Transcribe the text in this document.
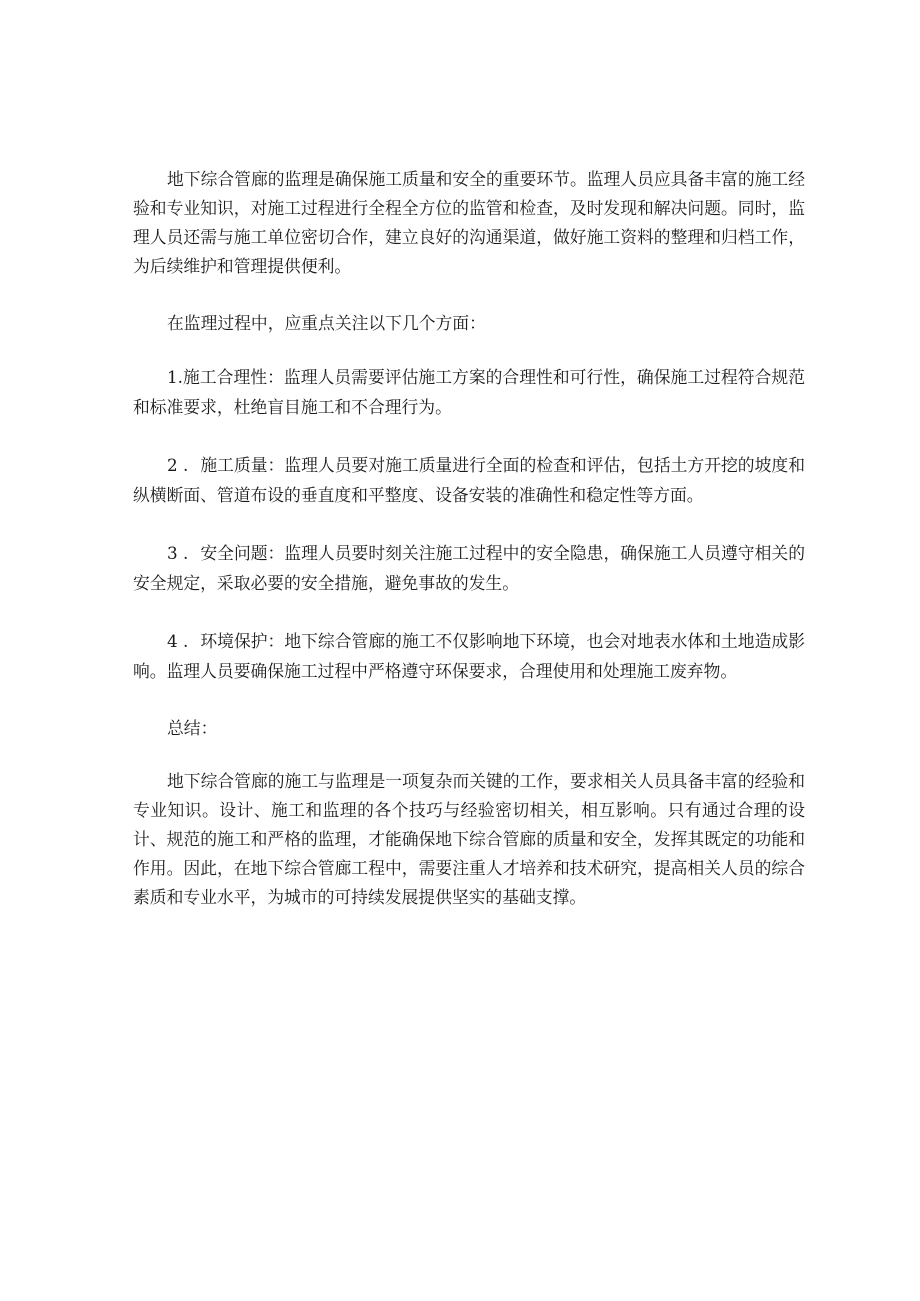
地下综合管廊的监理是确保施工质量和安全的重要环节。监理人员应具备丰富的施工经验和专业知识，对施工过程进行全程全方位的监管和检查，及时发现和解决问题。同时，监理人员还需与施工单位密切合作，建立良好的沟通渠道，做好施工资料的整理和归档工作，为后续维护和管理提供便利。

在监理过程中，应重点关注以下几个方面：

1.施工合理性：监理人员需要评估施工方案的合理性和可行性，确保施工过程符合规范和标准要求，杜绝盲目施工和不合理行为。

2 . 施工质量：监理人员要对施工质量进行全面的检查和评估，包括土方开挖的坡度和纵横断面、管道布设的垂直度和平整度、设备安装的准确性和稳定性等方面。

3 . 安全问题：监理人员要时刻关注施工过程中的安全隐患，确保施工人员遵守相关的安全规定，采取必要的安全措施，避免事故的发生。

4 . 环境保护：地下综合管廊的施工不仅影响地下环境，也会对地表水体和土地造成影响。监理人员要确保施工过程中严格遵守环保要求，合理使用和处理施工废弃物。

总结：

地下综合管廊的施工与监理是一项复杂而关键的工作，要求相关人员具备丰富的经验和专业知识。设计、施工和监理的各个技巧与经验密切相关，相互影响。只有通过合理的设计、规范的施工和严格的监理，才能确保地下综合管廊的质量和安全，发挥其既定的功能和作用。因此，在地下综合管廊工程中，需要注重人才培养和技术研究，提高相关人员的综合素质和专业水平，为城市的可持续发展提供坚实的基础支撑。
